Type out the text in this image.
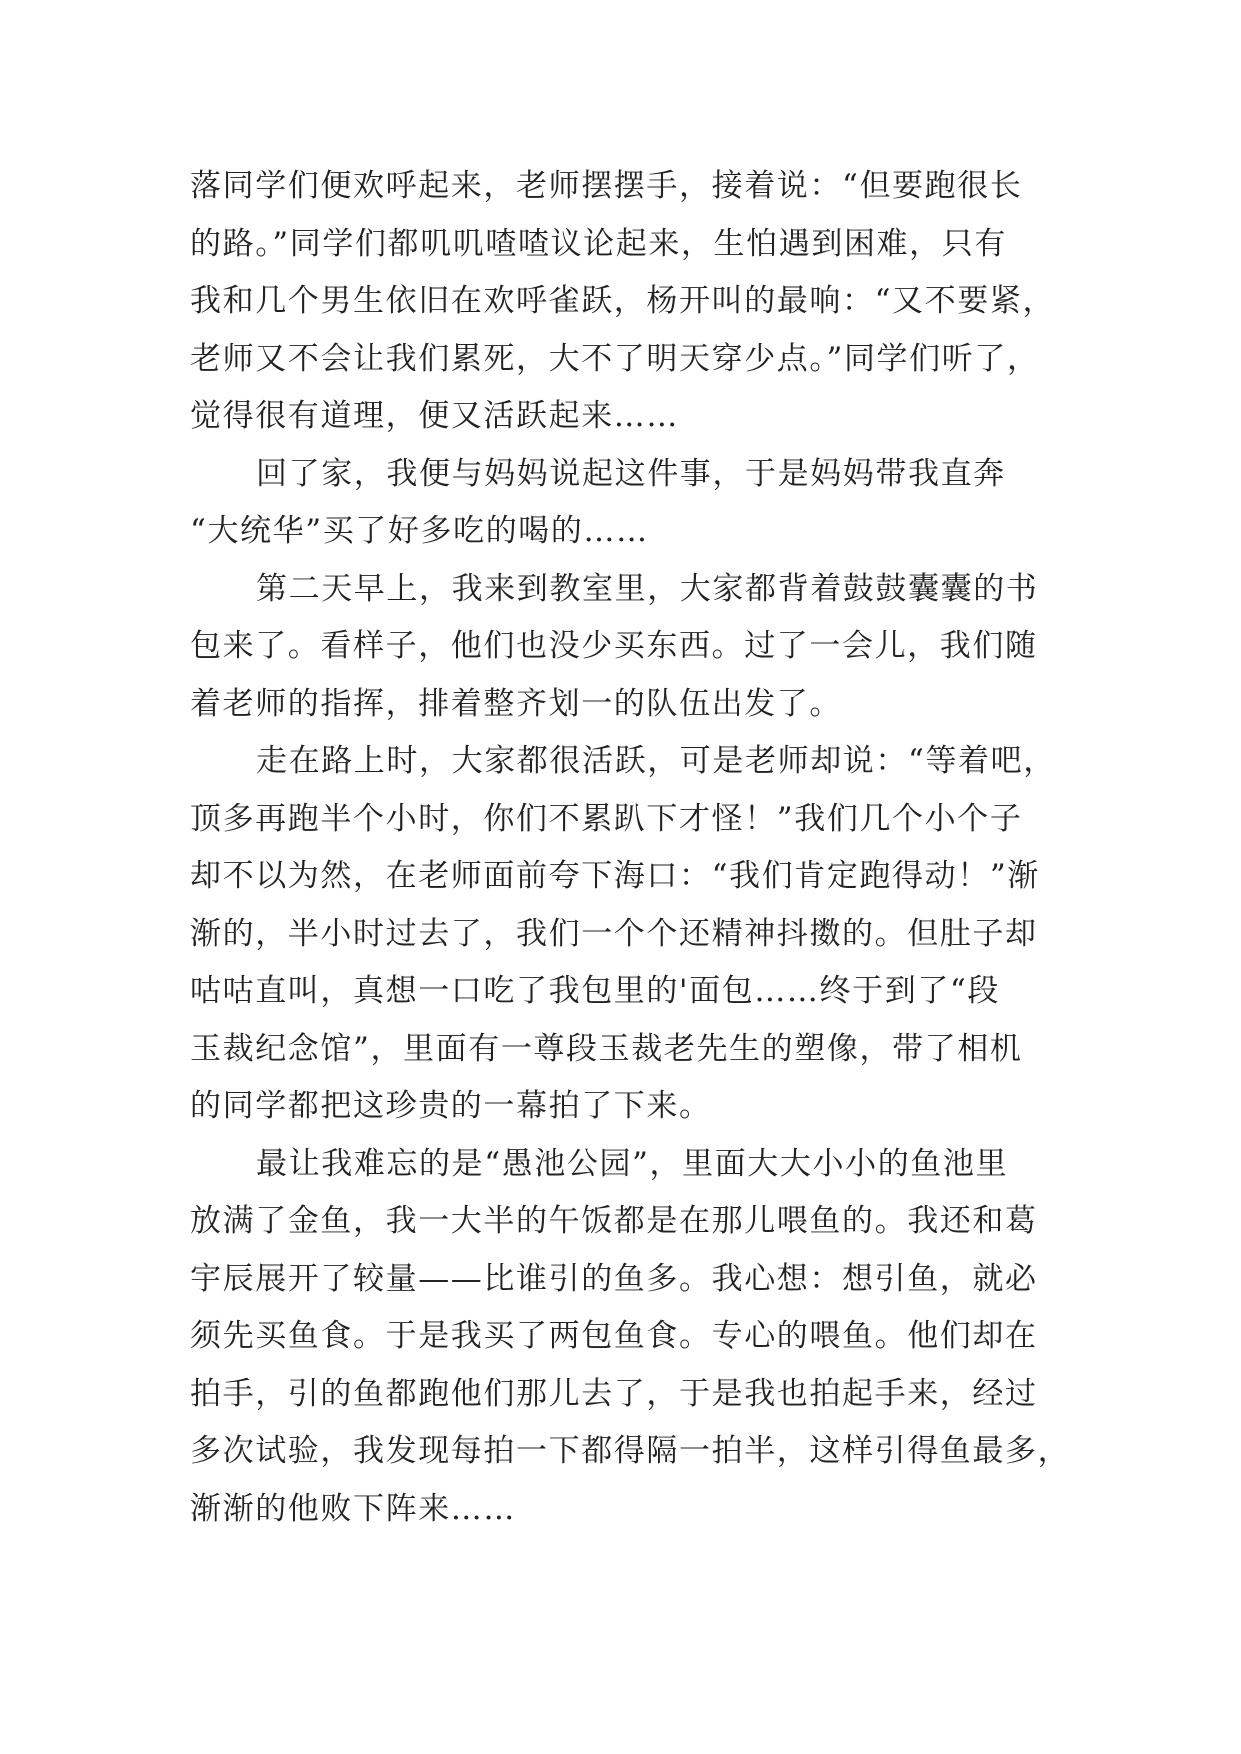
落同学们便欢呼起来，老师摆摆手，接着说：“但要跑很长
的路。”同学们都叽叽喳喳议论起来，生怕遇到困难，只有
我和几个男生依旧在欢呼雀跃，杨开叫的最响：“又不要紧，
老师又不会让我们累死，大不了明天穿少点。”同学们听了，
觉得很有道理，便又活跃起来……
回了家，我便与妈妈说起这件事，于是妈妈带我直奔
“大统华”买了好多吃的喝的……
第二天早上，我来到教室里，大家都背着鼓鼓囊囊的书
包来了。看样子，他们也没少买东西。过了一会儿，我们随
着老师的指挥，排着整齐划一的队伍出发了。
走在路上时，大家都很活跃，可是老师却说：“等着吧，
顶多再跑半个小时，你们不累趴下才怪！”我们几个小个子
却不以为然，在老师面前夸下海口：“我们肯定跑得动！”渐
渐的，半小时过去了，我们一个个还精神抖擞的。但肚子却
咕咕直叫，真想一口吃了我包里的'面包……终于到了“段
玉裁纪念馆”，里面有一尊段玉裁老先生的塑像，带了相机
的同学都把这珍贵的一幕拍了下来。
最让我难忘的是“愚池公园”，里面大大小小的鱼池里
放满了金鱼，我一大半的午饭都是在那儿喂鱼的。我还和葛
宇辰展开了较量——比谁引的鱼多。我心想：想引鱼，就必
须先买鱼食。于是我买了两包鱼食。专心的喂鱼。他们却在
拍手，引的鱼都跑他们那儿去了，于是我也拍起手来，经过
多次试验，我发现每拍一下都得隔一拍半，这样引得鱼最多，
渐渐的他败下阵来……
